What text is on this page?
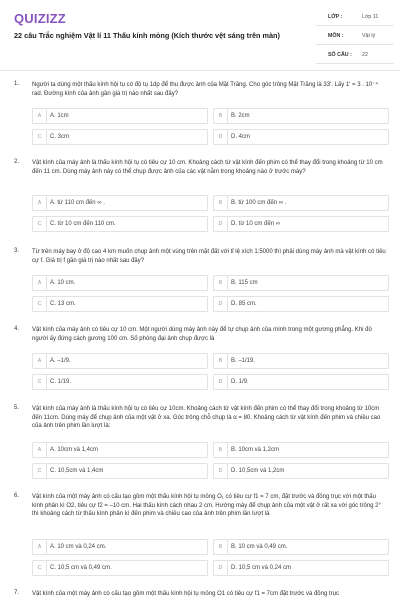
QUIZIZZ
22 câu Trắc nghiệm Vật lí 11 Thấu kính mỏng (Kích thước vệt sáng trên màn)
LỚP :	Lớp 11
MÔN :	Vật lý
SỐ CÂU : 22
1. Người ta dùng một thấu kính hội tụ có độ tụ 1dp để thu được ảnh của Mặt Trăng. Cho góc trông Mặt Trăng là 33'. Lấy 1' = 3 . 10⁻⁴ rad. Đường kính của ảnh gần giá trị nào nhất sau đây?
A	A. 1cm	B	B. 2cm
C	C. 3cm	D	D. 4cm
2. Vật kính của máy ảnh là thấu kính hội tụ có tiêu cự 10 cm. Khoảng cách từ vật kính đến phim có thể thay đổi trong khoảng từ 10 cm đến 11 cm. Dùng máy ảnh này có thể chụp được ảnh của các vật nằm trong khoảng nào ở trước máy?
A	A. từ 110 cm đến ∞ .	B	B. từ 100 cm đến ∞ .
C	C. từ 10 cm đến 110 cm.	D	D. từ 10 cm đến ∞
3. Từ trên máy bay ở độ cao 4 km muốn chụp ảnh một vùng trên mặt đất với tỉ lệ xích 1:5000 thì phải dùng máy ảnh mà vật kính có tiêu cự f. Giá trị f gần giá trị nào nhất sau đây?
A	A. 10 cm.	B	B. 115 cm
C	C. 13 cm.	D	D. 85 cm.
4. Vật kính của máy ảnh có tiêu cự 10 cm. Một người dùng máy ảnh này để tự chụp ảnh của mình trong một gương phẳng. Khi đó người ấy đứng cách gương 100 cm. Số phóng đại ảnh chụp được là
A	A. –1/9.	B	B. –1/19.
C	C. 1/19.	D	D. 1/9.
5. Vật kính của máy ảnh là thấu kính hội tụ có tiêu cự 10cm. Khoảng cách từ vật kính đến phim có thể thay đổi trong khoảng từ 10cm đến 11cm. Dùng máy để chụp ảnh của một vật ở xa. Góc trông chỗ chụp là α = 80. Khoảng cách từ vật kính đến phim và chiều cao của ảnh trên phim lần lượt là:
A	A. 10cm và 1,4cm	B	B. 10cm và 1,2cm
C	C. 10,5cm và 1,4cm	D	D. 10,5cm và 1,2cm
6. Vật kính của một máy ảnh có cấu tạo gồm một thấu kính hội tụ mỏng O₁ có tiêu cự f1 = 7 cm, đặt trước và đồng trục với một thấu kính phân kì O2, tiêu cự f2 = –10 cm. Hai thấu kính cách nhau 2 cm. Hướng máy để chụp ảnh của một vật ở rất xa với góc trông 2° thì khoảng cách từ thấu kính phân kì đến phim và chiều cao của ảnh trên phim lần lượt là
A	A. 10 cm và 0,24 cm.	B	B. 10 cm và 0,49 cm.
C	C. 10,5 cm và 0,49 cm.	D	D. 10,5 cm và 0,24 cm
7. Vật kính của một máy ảnh có cấu tạo gồm một thấu kính hội tụ mỏng O1 có tiêu cự f1 = 7cm đặt trước và đồng trục
